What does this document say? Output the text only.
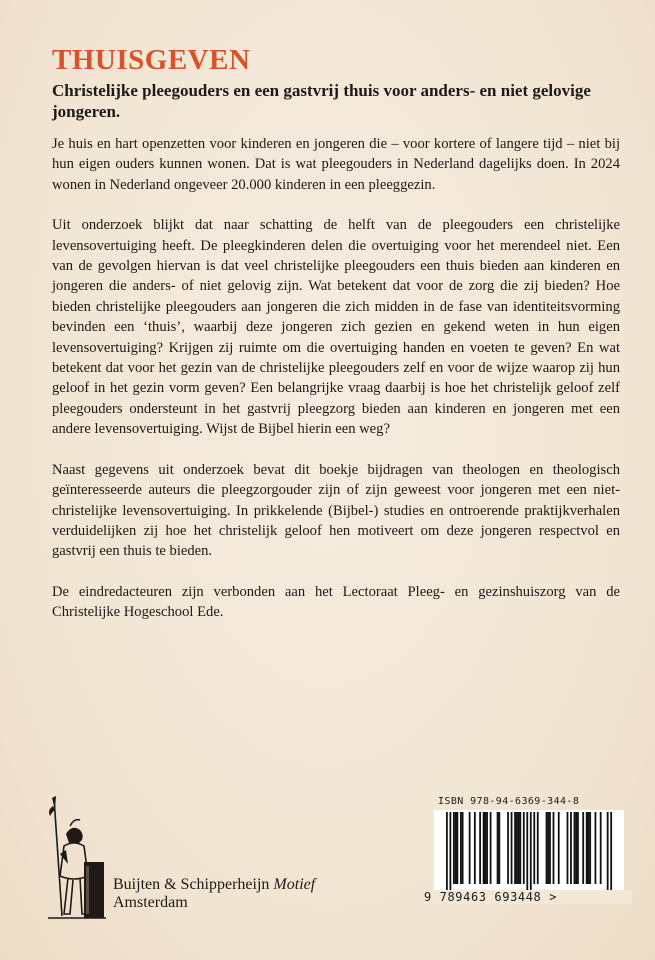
THUISGEVEN
Christelijke pleegouders en een gastvrij thuis voor anders- en niet gelovige jongeren.

Je huis en hart openzetten voor kinderen en jongeren die – voor kortere of langere tijd – niet bij hun eigen ouders kunnen wonen. Dat is wat pleegouders in Nederland dagelijks doen. In 2024 wonen in Nederland ongeveer 20.000 kinderen in een pleeggezin.

Uit onderzoek blijkt dat naar schatting de helft van de pleegouders een christelijke levensovertuiging heeft. De pleegkinderen delen die overtuiging voor het merendeel niet. Een van de gevolgen hiervan is dat veel christelijke pleegouders een thuis bieden aan kinderen en jongeren die anders- of niet gelovig zijn. Wat betekent dat voor de zorg die zij bieden? Hoe bieden christelijke pleegouders aan jongeren die zich midden in de fase van identiteitsvorming bevinden een ‘thuis’, waarbij deze jongeren zich gezien en gekend weten in hun eigen levensovertuiging? Krijgen zij ruimte om die overtuiging handen en voeten te geven? En wat betekent dat voor het gezin van de christelijke pleegouders zelf en voor de wijze waarop zij hun geloof in het gezin vorm geven? Een belangrijke vraag daarbij is hoe het christelijk geloof zelf pleegouders ondersteunt in het gastvrij pleegzorg bieden aan kinderen en jongeren met een andere levensovertuiging. Wijst de Bijbel hierin een weg?

Naast gegevens uit onderzoek bevat dit boekje bijdragen van theologen en theologisch geïnteresseerde auteurs die pleegzorgouder zijn of zijn geweest voor jongeren met een niet-christelijke levensovertuiging. In prikkelende (Bijbel-) studies en ontroerende praktijkverhalen verduidelijken zij hoe het christelijk geloof hen motiveert om deze jongeren respectvol en gastvrij een thuis te bieden.

De eindredacteuren zijn verbonden aan het Lectoraat Pleeg- en gezinshuiszorg van de Christelijke Hogeschool Ede.

Buijten & Schipperheijn Motief
Amsterdam
ISBN 978-94-6369-344-8
9 789463 693448 >
